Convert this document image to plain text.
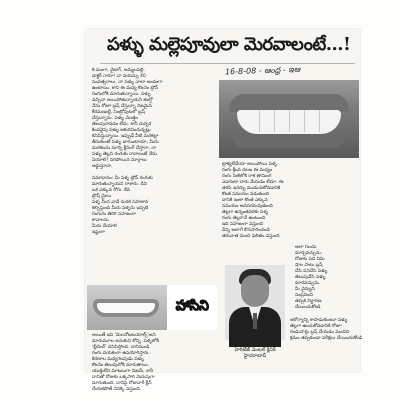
పళ్ళు మల్లెపూవులా మెరవాలంటే...!
16-8-08 - ఆంధ్ర - ఇఆ
కె.మంగా, వైజాగ్, అమ్మలపల్లి.
డాక్టర్ గారూ! నా వయస్సు 40
సంవత్సరాలు. నా పళ్ళు చాలా అందంగా
ఉంటాయి. కాని ఈ మధ్య కొంచెం బ్రౌన్
రంగులోకి మారుతున్నాయి. పళ్ళు
వచ్చినా అయిపోతున్నాయని జింగ్తో
నేను రోజూ బ్రష్ చేస్తున్నా నిజమైన
కేరమణుల్లే, సెంట్రోపుటలో బ్రష్
చేస్తున్నాను. పళ్ళు మొత్తం
తెలుపురావడం లేదు. కానీ దుర్భర
కిందవైపు పళ్ళు ఆకురివిందున్నట్లు
కనిపిస్తున్నాయి. ఇప్పుడే వీటి మరకల్లా
తీసుకుంటే పళ్ళు బాగుంటాయా, మీరు
మరకలను మార్చి క్లీనింగ్ చేస్తారా, నా
పళ్ళు తెల్లని రంగుకు రావాలంటే నేను
ఏయాలి? సరిపోయిన మార్గాలు
అర్థుస్తూనా.
సమాధానం: మీ పళ్ళ బ్రౌన్ రంగుకు
మారుతున్నాయని రాశారు. దీని
ఒక ఎక్కువ రోగు. కేవ
బ్రౌష్ మైలు
పళ్ళ మీద వాడే మరక సహజాన
కల్పిస్తుంది మీరు పళ్ళను ఇప్పటి
రంగును తిరిగి సహజంగా
కావాలను
మీరు చేయాలి
ఇష్టంగా
ట్రాక్యలేచేయా అయిపోయి పళ్ళ
రంగు క్రీంవ దలబ ఈ మధ్యం
రంగు సిఱిలోకి రాక తామింగ
ఎడాపెటా దారు వేయడం లేదూ. ఈ
తరపి ఇనర్బు ముడుచుకోవడానికి
కొంత సమయం పడుతుంది
దానికి ఇంకా కొంత ఎక్కువ
సమయం అవసరమవుతుంది
తెల్లగా ఉన్నంతవరకు పళ్ళ
రంగు తెల్లగానే ఉంటుంది
ఇది సహజంగా వస్తుంది
దీన్ని అలాగే కొనసాగించండి
తరువాత మంచి ఫలితం వస్తుంది
అలా గుందు
మార్చవచ్చును.
రోజుకు పది నిమి
షాల పాటు బ్రష్
చేసి పనిచేసి పళ్ళు
తెలుపువేసి పళ్ళు
మారవచ్చును.
మీ వైద్యుని
సంప్రదించి
తప్పక నిర్ధారణ
చేయించుకోండి
హాసిని
అయితే ఇవి 'మెలనోటటయాల్స్'అని
మారుమూల అనుకుని కోన్ని. పళ్ళలోకి
'బ్లీచింగ్' దనిపిస్తోంది. దానినుండి
రంగు దయకంగా ఉపయోగిస్తారు.
కిరణాల మధ్యగలపుడు పళ్ళు
కొంచెం తెలుపులోకి మారుతాయి.
యుక్తులేని మాటలుగా నిజమే, కానీ
దానితో రోజుకు ఒక్కసారి మెరుపుగా
మారుతుంది. దానిపై రోజువారీ క్లీన్
చేయకపోతే వెనక్కి వస్తుంది.
డా. ఓ. నాగేశ్వరరావు
హెరిటేజ్ డెంటల్ క్లినిక్
హైదరాబాద్
ఆరోగ్యాన్ని కాపాడుకుంటూ పళ్ళు
తెల్లగా ఉంచుకోవడానికి రోజూ
రెండుసార్లు బ్రష్ చేయడం మంచిది
క్రమం తప్పకుండా పరీక్షలు చేయించుకోండి
